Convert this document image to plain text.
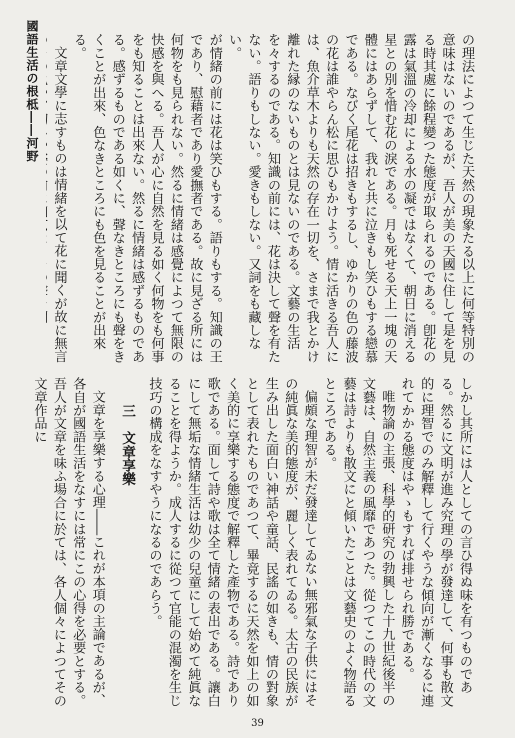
國語生活の根柢――河野	の理法によつて生じた天然の現象たる以上に何等特別の意味はないのであるが、吾人が美の天國に住して是を見る時其處に餘程變つた態度が取られるのである。卽花の露は氣溫の冷却による水の凝ではなくて、朝日に消える星との別を惜む花の淚である。月も死せる天上一塊の天體にはあらずして、我れと共に泣きもし笑ひもする戀慕である。なびく尾花は招きもするし、ゆかりの色の藤波の花は誰やらん松に思ひもかけよう。情に活きる吾人には、魚介草木よりも天然の存在一切を、さまで我とかけ離れた縁のないものとは見ないのである。文藝の生活を々するのである。知識の前には、花は決して聲を有たない。語りもしない。愛きもしない。又詞をも藏しない。

が情緒の前には花は笑ひもする。語りもする。知識の王であり、慰藉者であり愛撫者である。故に見ざる所には何物をも見られない。然るに情緒は感覺によつて無限の快感を與へる。吾人が心に自然を見る如く何物をも何事をも知ることは出來ない。然るに情緒は感ずるものである。感ずるものである如くに、聲なきところにも聲をきくことが出來、色なきところにも色を見ることが出來る。

文章文學に志すものは情緒を以て花に聞くが故に無言

しかし其所には人としての言ひ得ぬ味を有つものである。然るに文明が進み究理の學が發達して、何事も散文的に理智でのみ解釋して行くやうな傾向が漸くなるに連れてかかる態度はやゝもすれば排せられ勝である。

唯物論の主張、科學的研究の勃興した十九世紀後半の文藝は、自然主義の風靡であつた。從つてこの時代の文藝は詩よりも散文にと傾いたことは文藝史のよく物語るところである。

偏頗な理智が未だ發達してゐない無邪氣な子供にはその純眞な美的態度が、麗しく表れてゐる。太古の民族が生み出した面白い神話や童話、民謠の如きも、情の對象として表れたものであつて、畢竟するに天然を如上の如く美的に享樂する態度で解釋した產物である。詩であり歌である。面して詩や歌は全て情緒の表出である。讓白にして無垢な情緒生活は幼少の兒童にして始めて純眞なることを得ようか。成人するに從つて官能の混濁を生じ技巧の構成をなすやうになるのであらう。

三　文章享樂

文章を享樂する心理――これが本項の主論であるが、各自が國語生活をなすには常にこの心得を必要とする。吾人が文章を味ふ場合に於ては、各人個々によつてその文章作品に

39
